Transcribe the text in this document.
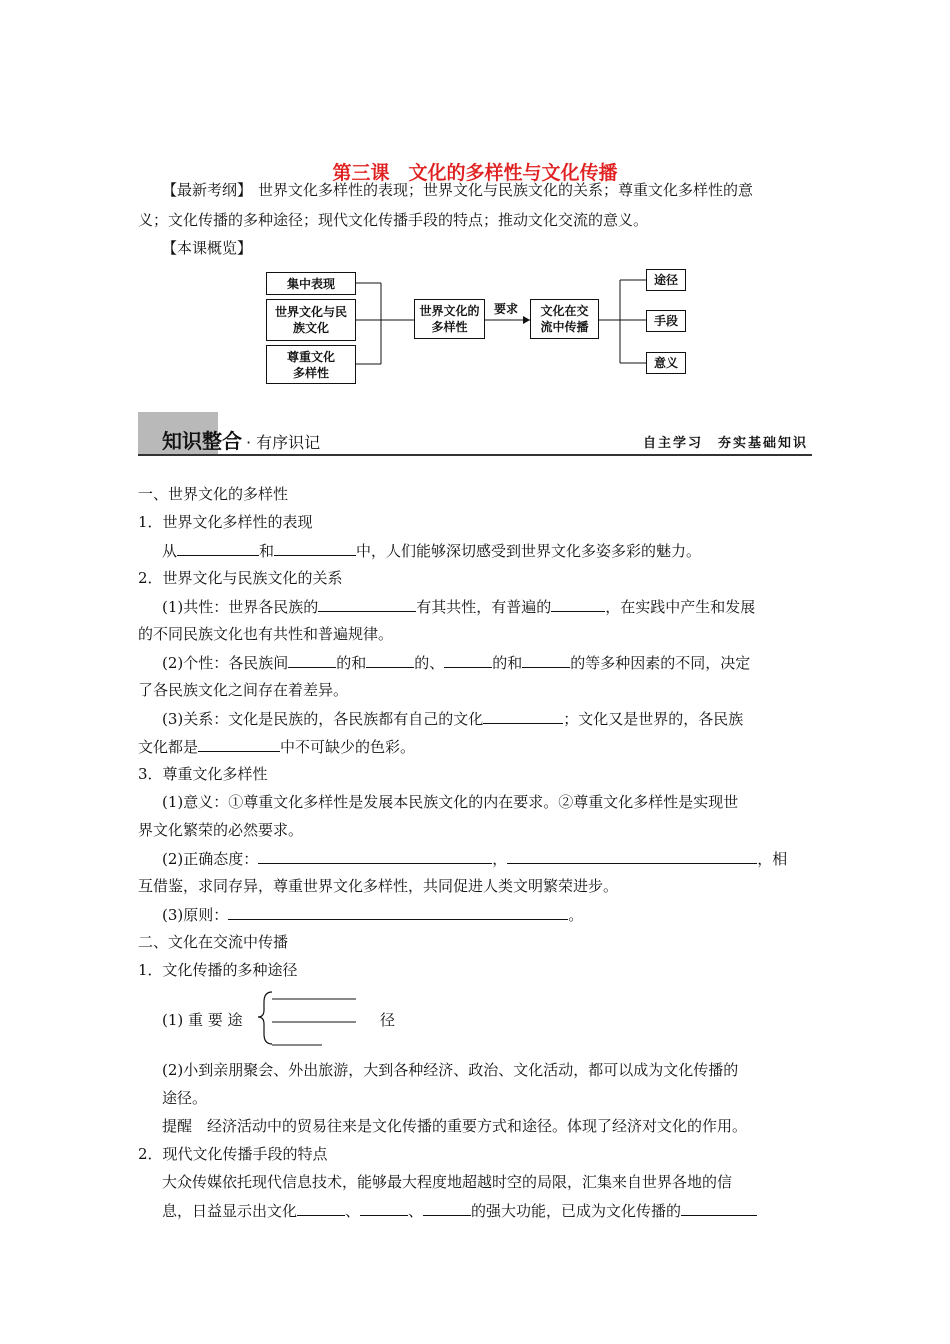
第三课　文化的多样性与文化传播
【最新考纲】 世界文化多样性的表现；世界文化与民族文化的关系；尊重文化多样性的意
义；文化传播的多种途径；现代文化传播手段的特点；推动文化交流的意义。
【本课概览】
集中表现
世界文化与民族文化
尊重文化多样性
世界文化的多样性
要求	文化在交流中传播
途径
手段
意义
知识整合 · 有序识记	自主学习　夯实基础知识
一、世界文化的多样性
1．世界文化多样性的表现
从	和	中，人们能够深切感受到世界文化多姿多彩的魅力。
2．世界文化与民族文化的关系
(1)共性：世界各民族的	有其共性，有普遍的	，在实践中产生和发展
的不同民族文化也有共性和普遍规律。
(2)个性：各民族间	的和	的、	的和	的等多种因素的不同，决定
了各民族文化之间存在着差异。
(3)关系：文化是民族的，各民族都有自己的文化	；文化又是世界的，各民族
文化都是	中不可缺少的色彩。
3．尊重文化多样性
(1)意义：①尊重文化多样性是发展本民族文化的内在要求。②尊重文化多样性是实现世
界文化繁荣的必然要求。
(2)正确态度：	，	，相
互借鉴，求同存异，尊重世界文化多样性，共同促进人类文明繁荣进步。
(3)原则：	。
二、文化在交流中传播
1．文化传播的多种途径
(1) 重 要 途	径
(2)小到亲朋聚会、外出旅游，大到各种经济、政治、文化活动，都可以成为文化传播的
途径。
提醒　经济活动中的贸易往来是文化传播的重要方式和途径。体现了经济对文化的作用。
2．现代文化传播手段的特点
大众传媒依托现代信息技术，能够最大程度地超越时空的局限，汇集来自世界各地的信
息，日益显示出文化	、	、	的强大功能，已成为文化传播的
